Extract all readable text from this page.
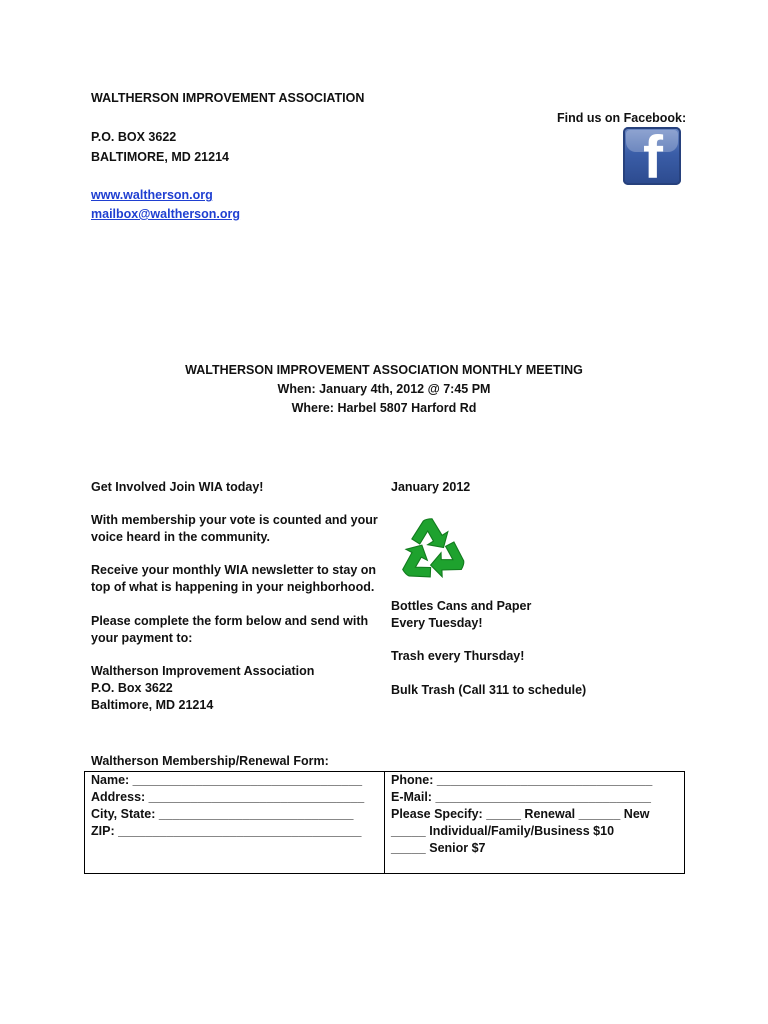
WALTHERSON IMPROVEMENT ASSOCIATION
P.O. BOX 3622
BALTIMORE, MD 21214
www.waltherson.org
mailbox@waltherson.org
Find us on Facebook:
f
WALTHERSON IMPROVEMENT ASSOCIATION MONTHLY MEETING
When: January 4th, 2012 @ 7:45 PM
Where: Harbel 5807 Harford Rd
Get Involved Join WIA today!
With membership your vote is counted and your
voice heard in the community.
Receive your monthly WIA newsletter to stay on
top of what is happening in your neighborhood.
Please complete the form below and send with
your payment to:
Waltherson Improvement Association
P.O. Box 3622
Baltimore, MD 21214
January 2012
Bottles Cans and Paper
Every Tuesday!
Trash every Thursday!
Bulk Trash (Call 311 to schedule)
Waltherson Membership/Renewal Form:
Name: _________________________________
Address: _______________________________
City, State: ____________________________
ZIP: ___________________________________
Phone: _______________________________
E-Mail: _______________________________
Please Specify: _____ Renewal ______ New
_____ Individual/Family/Business $10
_____ Senior $7
